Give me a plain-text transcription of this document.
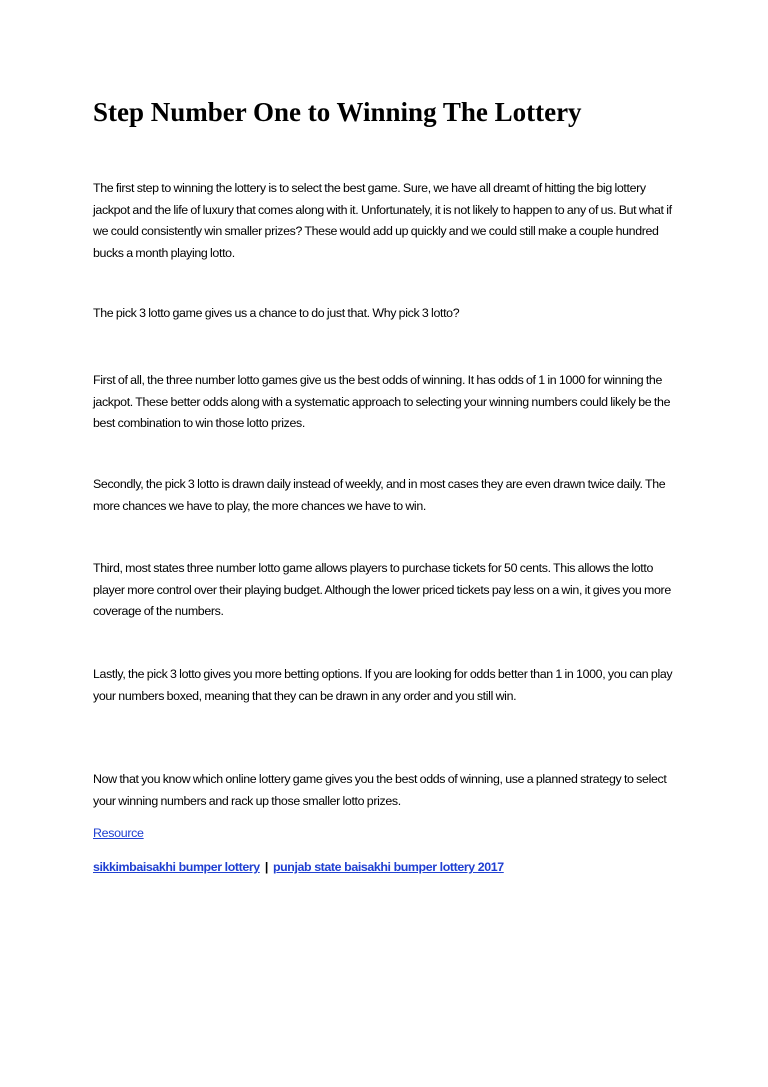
Step Number One to Winning The Lottery

The first step to winning the lottery is to select the best game. Sure, we have all dreamt of hitting the big lottery jackpot and the life of luxury that comes along with it. Unfortunately, it is not likely to happen to any of us. But what if we could consistently win smaller prizes? These would add up quickly and we could still make a couple hundred bucks a month playing lotto.

The pick 3 lotto game gives us a chance to do just that. Why pick 3 lotto?

First of all, the three number lotto games give us the best odds of winning. It has odds of 1 in 1000 for winning the jackpot. These better odds along with a systematic approach to selecting your winning numbers could likely be the best combination to win those lotto prizes.

Secondly, the pick 3 lotto is drawn daily instead of weekly, and in most cases they are even drawn twice daily. The more chances we have to play, the more chances we have to win.

Third, most states three number lotto game allows players to purchase tickets for 50 cents. This allows the lotto player more control over their playing budget. Although the lower priced tickets pay less on a win, it gives you more coverage of the numbers.

Lastly, the pick 3 lotto gives you more betting options. If you are looking for odds better than 1 in 1000, you can play your numbers boxed, meaning that they can be drawn in any order and you still win.

Now that you know which online lottery game gives you the best odds of winning, use a planned strategy to select your winning numbers and rack up those smaller lotto prizes.

Resource
sikkimbaisakhi bumper lottery | punjab state baisakhi bumper lottery 2017
